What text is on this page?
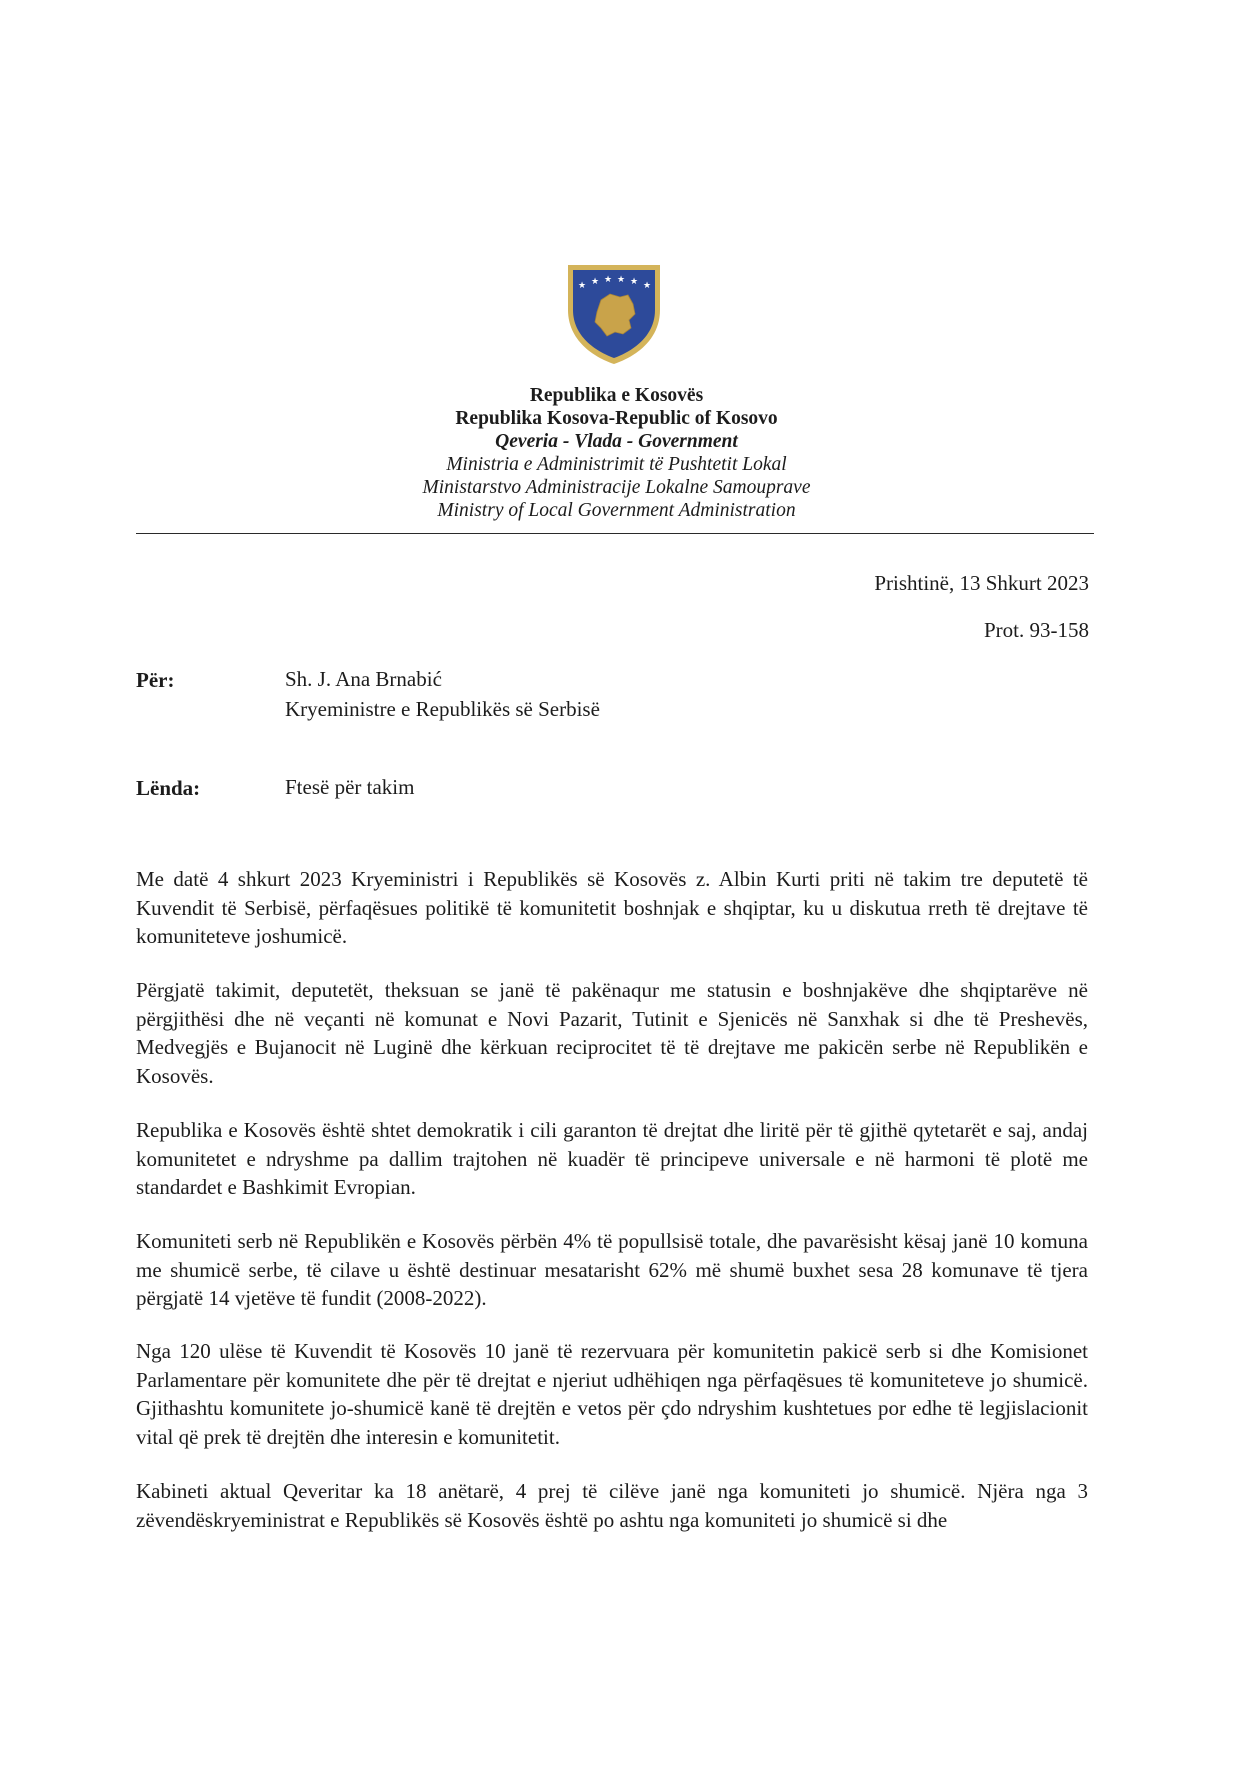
★ ★ ★ ★ ★ ★
Republika e Kosovës
Republika Kosova-Republic of Kosovo
Qeveria - Vlada - Government
Ministria e Administrimit të Pushtetit Lokal
Ministarstvo Administracije Lokalne Samouprave
Ministry of Local Government Administration
Prishtinë, 13 Shkurt 2023
Prot. 93-158
Për:	Sh. J. Ana Brnabić
Kryeministre e Republikës së Serbisë
Lënda:	Ftesë për takim

Me datë 4 shkurt 2023 Kryeministri i Republikës së Kosovës z. Albin Kurti priti në takim tre deputetë të Kuvendit të Serbisë, përfaqësues politikë të komunitetit boshnjak e shqiptar, ku u diskutua rreth të drejtave të komuniteteve joshumicë.

Përgjatë takimit, deputetët, theksuan se janë të pakënaqur me statusin e boshnjakëve dhe shqiptarëve në përgjithësi dhe në veçanti në komunat e Novi Pazarit, Tutinit e Sjenicës në Sanxhak si dhe të Preshevës, Medvegjës e Bujanocit në Luginë dhe kërkuan reciprocitet të të drejtave me pakicën serbe në Republikën e Kosovës.

Republika e Kosovës është shtet demokratik i cili garanton të drejtat dhe liritë për të gjithë qytetarët e saj, andaj komunitetet e ndryshme pa dallim trajtohen në kuadër të principeve universale e në harmoni të plotë me standardet e Bashkimit Evropian.

Komuniteti serb në Republikën e Kosovës përbën 4% të popullsisë totale, dhe pavarësisht kësaj janë 10 komuna me shumicë serbe, të cilave u është destinuar mesatarisht 62% më shumë buxhet sesa 28 komunave të tjera përgjatë 14 vjetëve të fundit (2008-2022).

Nga 120 ulëse të Kuvendit të Kosovës 10 janë të rezervuara për komunitetin pakicë serb si dhe Komisionet Parlamentare për komunitete dhe për të drejtat e njeriut udhëhiqen nga përfaqësues të komuniteteve jo shumicë. Gjithashtu komunitete jo-shumicë kanë të drejtën e vetos për çdo ndryshim kushtetues por edhe të legjislacionit vital që prek të drejtën dhe interesin e komunitetit.

Kabineti aktual Qeveritar ka 18 anëtarë, 4 prej të cilëve janë nga komuniteti jo shumicë. Njëra nga 3 zëvendëskryeministrat e Republikës së Kosovës është po ashtu nga komuniteti jo shumicë si dhe
